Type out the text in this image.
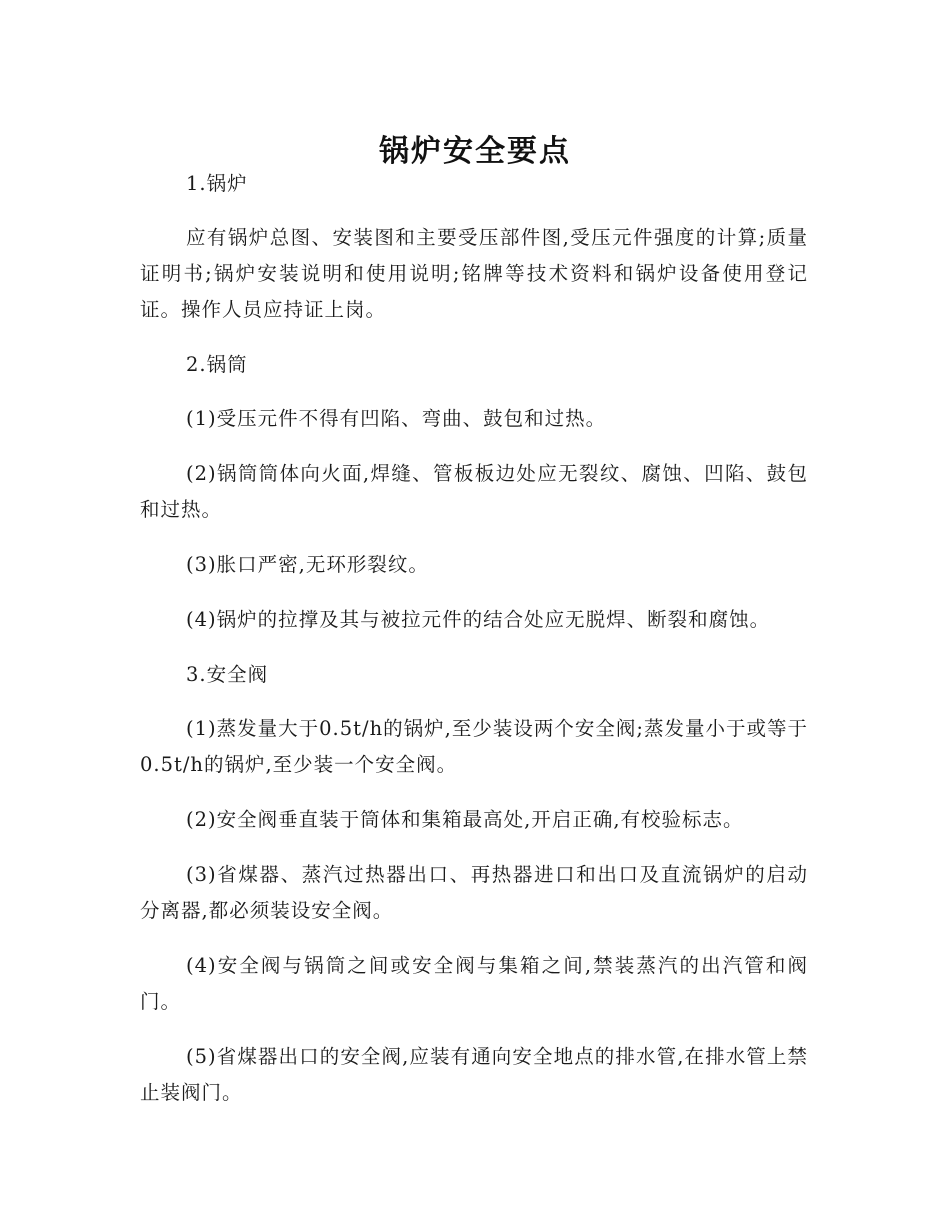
锅炉安全要点

1.锅炉

应有锅炉总图、安装图和主要受压部件图,受压元件强度的计算;质量证明书;锅炉安装说明和使用说明;铭牌等技术资料和锅炉设备使用登记证。操作人员应持证上岗。

2.锅筒

(1)受压元件不得有凹陷、弯曲、鼓包和过热。

(2)锅筒筒体向火面,焊缝、管板板边处应无裂纹、腐蚀、凹陷、鼓包和过热。

(3)胀口严密,无环形裂纹。

(4)锅炉的拉撑及其与被拉元件的结合处应无脱焊、断裂和腐蚀。

3.安全阀

(1)蒸发量大于0.5t/h的锅炉,至少装设两个安全阀;蒸发量小于或等于0.5t/h的锅炉,至少装一个安全阀。

(2)安全阀垂直装于筒体和集箱最高处,开启正确,有校验标志。

(3)省煤器、蒸汽过热器出口、再热器进口和出口及直流锅炉的启动分离器,都必须装设安全阀。

(4)安全阀与锅筒之间或安全阀与集箱之间,禁装蒸汽的出汽管和阀门。

(5)省煤器出口的安全阀,应装有通向安全地点的排水管,在排水管上禁止装阀门。
